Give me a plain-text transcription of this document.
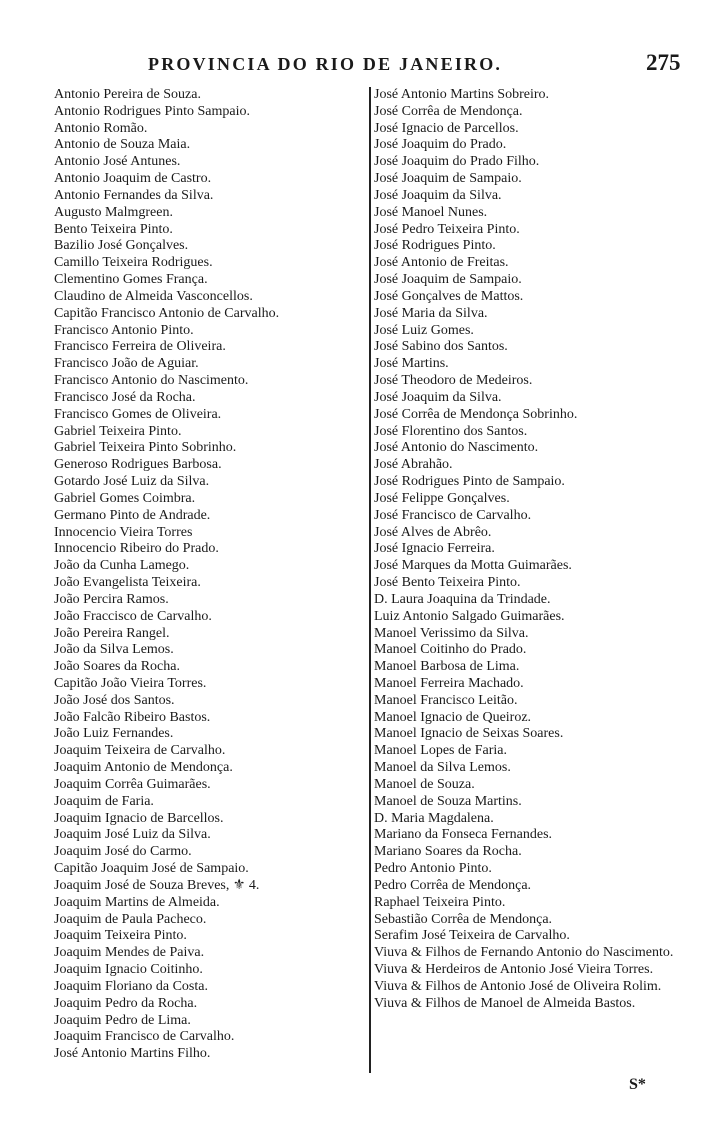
PROVINCIA DO RIO DE JANEIRO.	275
Antonio Pereira de Souza.
Antonio Rodrigues Pinto Sampaio.
Antonio Romão.
Antonio de Souza Maia.
Antonio José Antunes.
Antonio Joaquim de Castro.
Antonio Fernandes da Silva.
Augusto Malmgreen.
Bento Teixeira Pinto.
Bazilio José Gonçalves.
Camillo Teixeira Rodrigues.
Clementino Gomes França.
Claudino de Almeida Vasconcellos.
Capitão Francisco Antonio de Carvalho.
Francisco Antonio Pinto.
Francisco Ferreira de Oliveira.
Francisco João de Aguiar.
Francisco Antonio do Nascimento.
Francisco José da Rocha.
Francisco Gomes de Oliveira.
Gabriel Teixeira Pinto.
Gabriel Teixeira Pinto Sobrinho.
Generoso Rodrigues Barbosa.
Gotardo José Luiz da Silva.
Gabriel Gomes Coimbra.
Germano Pinto de Andrade.
Innocencio Vieira Torres
Innocencio Ribeiro do Prado.
João da Cunha Lamego.
João Evangelista Teixeira.
João Percira Ramos.
João Fraccisco de Carvalho.
João Pereira Rangel.
João da Silva Lemos.
João Soares da Rocha.
Capitão João Vieira Torres.
João José dos Santos.
João Falcão Ribeiro Bastos.
João Luiz Fernandes.
Joaquim Teixeira de Carvalho.
Joaquim Antonio de Mendonça.
Joaquim Corrêa Guimarães.
Joaquim de Faria.
Joaquim Ignacio de Barcellos.
Joaquim José Luiz da Silva.
Joaquim José do Carmo.
Capitão Joaquim José de Sampaio.
Joaquim José de Souza Breves, ⚜ 4.
Joaquim Martins de Almeida.
Joaquim de Paula Pacheco.
Joaquim Teixeira Pinto.
Joaquim Mendes de Paiva.
Joaquim Ignacio Coitinho.
Joaquim Floriano da Costa.
Joaquim Pedro da Rocha.
Joaquim Pedro de Lima.
Joaquim Francisco de Carvalho.
José Antonio Martins Filho.
José Antonio Martins Sobreiro.
José Corrêa de Mendonça.
José Ignacio de Parcellos.
José Joaquim do Prado.
José Joaquim do Prado Filho.
José Joaquim de Sampaio.
José Joaquim da Silva.
José Manoel Nunes.
José Pedro Teixeira Pinto.
José Rodrigues Pinto.
José Antonio de Freitas.
José Joaquim de Sampaio.
José Gonçalves de Mattos.
José Maria da Silva.
José Luiz Gomes.
José Sabino dos Santos.
José Martins.
José Theodoro de Medeiros.
José Joaquim da Silva.
José Corrêa de Mendonça Sobrinho.
José Florentino dos Santos.
José Antonio do Nascimento.
José Abrahão.
José Rodrigues Pinto de Sampaio.
José Felippe Gonçalves.
José Francisco de Carvalho.
José Alves de Abrêo.
José Ignacio Ferreira.
José Marques da Motta Guimarães.
José Bento Teixeira Pinto.
D. Laura Joaquina da Trindade.
Luiz Antonio Salgado Guimarães.
Manoel Verissimo da Silva.
Manoel Coitinho do Prado.
Manoel Barbosa de Lima.
Manoel Ferreira Machado.
Manoel Francisco Leitão.
Manoel Ignacio de Queiroz.
Manoel Ignacio de Seixas Soares.
Manoel Lopes de Faria.
Manoel da Silva Lemos.
Manoel de Souza.
Manoel de Souza Martins.
D. Maria Magdalena.
Mariano da Fonseca Fernandes.
Mariano Soares da Rocha.
Pedro Antonio Pinto.
Pedro Corrêa de Mendonça.
Raphael Teixeira Pinto.
Sebastião Corrêa de Mendonça.
Serafim José Teixeira de Carvalho.
Viuva & Filhos de Fernando Antonio do Nascimento.
Viuva & Herdeiros de Antonio José Vieira Torres.
Viuva & Filhos de Antonio José de Oliveira Rolim.
Viuva & Filhos de Manoel de Almeida Bastos.
S*
